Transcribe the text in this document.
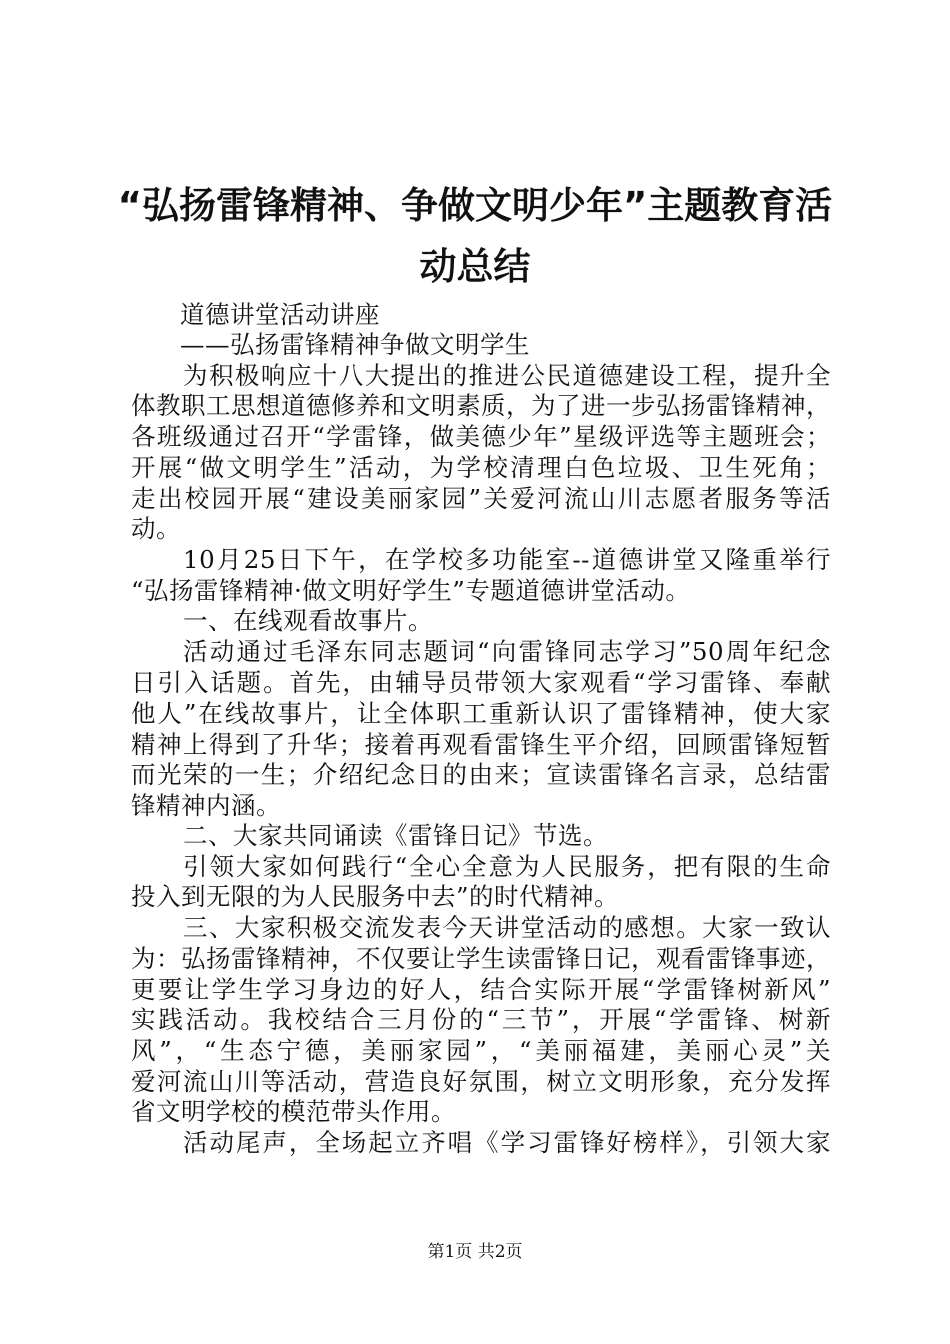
“弘扬雷锋精神、争做文明少年”主题教育活
动总结
道德讲堂活动讲座
——弘扬雷锋精神争做文明学生
为积极响应十八大提出的推进公民道德建设工程，提升全
体教职工思想道德修养和文明素质，为了进一步弘扬雷锋精神，
各班级通过召开“学雷锋，做美德少年”星级评选等主题班会；
开展“做文明学生”活动，为学校清理白色垃圾、卫生死角；
走出校园开展“建设美丽家园”关爱河流山川志愿者服务等活
动。
10月25日下午，在学校多功能室--道德讲堂又隆重举行
“弘扬雷锋精神·做文明好学生”专题道德讲堂活动。
一、在线观看故事片。
活动通过毛泽东同志题词“向雷锋同志学习”50周年纪念
日引入话题。首先，由辅导员带领大家观看“学习雷锋、奉献
他人”在线故事片，让全体职工重新认识了雷锋精神，使大家
精神上得到了升华；接着再观看雷锋生平介绍，回顾雷锋短暂
而光荣的一生；介绍纪念日的由来；宣读雷锋名言录，总结雷
锋精神内涵。
二、大家共同诵读《雷锋日记》节选。
引领大家如何践行“全心全意为人民服务，把有限的生命
投入到无限的为人民服务中去”的时代精神。
三、大家积极交流发表今天讲堂活动的感想。大家一致认
为：弘扬雷锋精神，不仅要让学生读雷锋日记，观看雷锋事迹，
更要让学生学习身边的好人，结合实际开展“学雷锋树新风”
实践活动。我校结合三月份的“三节”，开展“学雷锋、树新
风”，“生态宁德，美丽家园”，“美丽福建，美丽心灵”关
爱河流山川等活动，营造良好氛围，树立文明形象，充分发挥
省文明学校的模范带头作用。
活动尾声，全场起立齐唱《学习雷锋好榜样》，引领大家
第1页 共2页
